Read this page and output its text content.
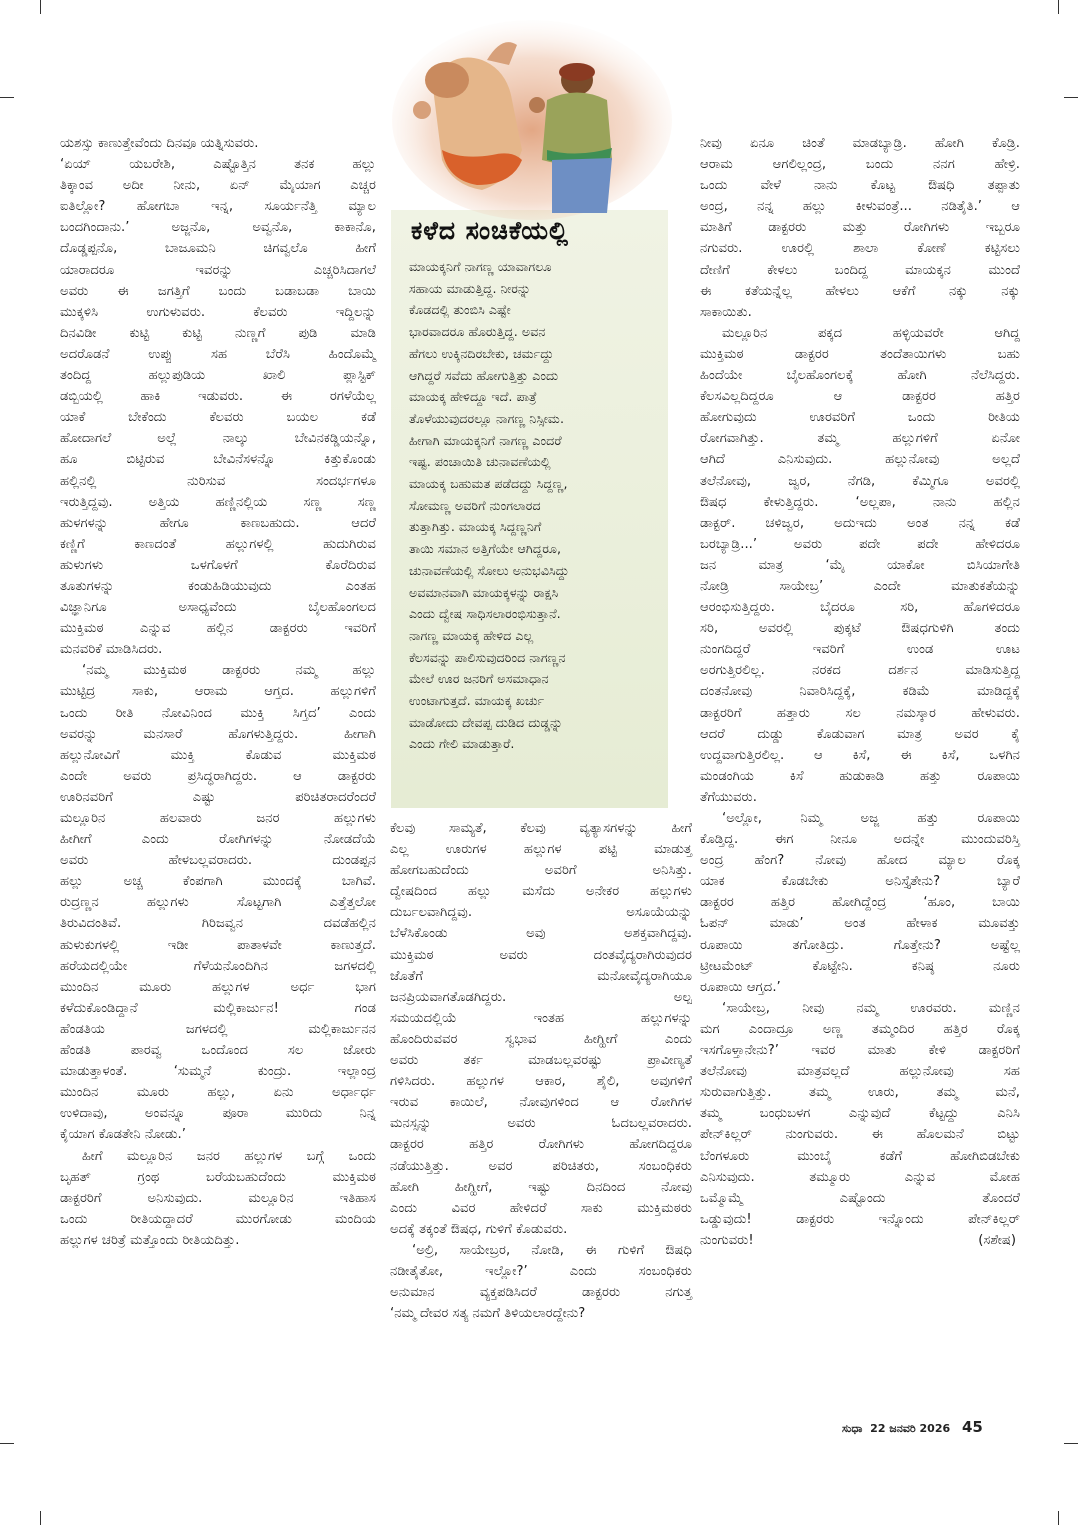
ಯಶಸ್ಸು ಕಾಣುತ್ತೇವೆಂದು ದಿನವೂ ಯತ್ನಿಸುವರು.
‘ಏಯ್ ಯಬರೇಶಿ, ಎಷ್ಟೊತ್ತಿನ ತನಕ ಹಲ್ಲು
ತಿಕ್ಕಾಂವ ಅದೀ ನೀನು, ಏನ್ ಮೈಯಾಗ ಎಚ್ಚರ
ಐತಿಲ್ಲೋ? ಹೋಗಬಾ ಇನ್ನ, ಸೂರ್ಯನೆತ್ತಿ ಮ್ಯಾಲ
ಬಂದಗಿಂದಾನು.’ ಅಜ್ಜನೊ, ಅವ್ವನೊ, ಕಾಕಾನೊ,
ದೊಡ್ಡಪ್ಪನೊ, ಬಾಜೂಮನಿ ಚಿಗವ್ವಲೊ ಹೀಗೆ
ಯಾರಾದರೂ ಇವರನ್ನು ಎಚ್ಚರಿಸಿದಾಗಲೆ
ಅವರು ಈ ಜಗತ್ತಿಗೆ ಬಂದು ಬಡಾಬಡಾ ಬಾಯಿ
ಮುಕ್ಕಳಿಸಿ ಉಗುಳುವರು. ಕೆಲವರು ಇದ್ದಿಲನ್ನು
ದಿನವಿಡೀ ಕುಟ್ಟಿ ಕುಟ್ಟಿ ನುಣ್ಣಗೆ ಪುಡಿ ಮಾಡಿ
ಅದರೊಡನೆ ಉಪ್ಪು ಸಹ ಬೆರೆಸಿ ಹಿಂದೊಮ್ಮೆ
ತಂದಿದ್ದ ಹಲ್ಲುಪುಡಿಯ ಖಾಲಿ ಪ್ಲಾಸ್ಟಿಕ್
ಡಬ್ಬಿಯಲ್ಲಿ ಹಾಕಿ ಇಡುವರು. ಈ ರಗಳೆಯೆಲ್ಲ
ಯಾಕೆ ಬೇಕೆಂದು ಕೆಲವರು ಬಯಲ ಕಡೆ
ಹೋದಾಗಲೆ ಅಲ್ಲೆ ನಾಲ್ಕು ಬೇವಿನಕಡ್ಡಿಯನ್ನೊ,
ಹೂ ಬಿಟ್ಟಿರುವ ಬೇವಿನೆಸಳನ್ನೊ ಕಿತ್ತುಕೊಂಡು
ಹಲ್ಲಿನಲ್ಲಿ ನುರಿಸುವ ಸಂದರ್ಭಗಳೂ
ಇರುತ್ತಿದ್ದವು. ಅತ್ತಿಯ ಹಣ್ಣಿನಲ್ಲಿಯ ಸಣ್ಣ ಸಣ್ಣ
ಹುಳಗಳನ್ನು ಹೇಗೂ ಕಾಣಬಹುದು. ಆದರೆ
ಕಣ್ಣಿಗೆ ಕಾಣದಂತೆ ಹಲ್ಲುಗಳಲ್ಲಿ ಹುದುಗಿರುವ
ಹುಳುಗಳು ಒಳಗೊಳಗೆ ಕೊರೆದಿರುವ
ತೂತುಗಳನ್ನು ಕಂಡುಹಿಡಿಯುವುದು ಎಂತಹ
ವಿಜ್ಞಾನಿಗೂ ಅಸಾಧ್ಯವೆಂದು ಬೈಲಹೊಂಗಲದ
ಮುಕ್ತಿಮಠ ಎನ್ನುವ ಹಲ್ಲಿನ ಡಾಕ್ಟರರು ಇವರಿಗೆ
ಮನವರಿಕೆ ಮಾಡಿಸಿದರು.
‘ನಮ್ಮ ಮುಕ್ತಿಮಠ ಡಾಕ್ಟರರು ನಮ್ಮ ಹಲ್ಲು
ಮುಟ್ಟಿದ್ರ ಸಾಕು, ಆರಾಮ ಆಗ್ತದ. ಹಲ್ಲುಗಳಿಗೆ
ಒಂದು ರೀತಿ ನೋವಿನಿಂದ ಮುಕ್ತಿ ಸಿಗ್ತದ’ ಎಂದು
ಅವರನ್ನು ಮನಸಾರೆ ಹೊಗಳುತ್ತಿದ್ದರು. ಹೀಗಾಗಿ
ಹಲ್ಲುನೋವಿಗೆ ಮುಕ್ತಿ ಕೊಡುವ ಮುಕ್ತಿಮಠ
ಎಂದೇ ಅವರು ಪ್ರಸಿದ್ಧರಾಗಿದ್ದರು. ಆ ಡಾಕ್ಟರರು
ಊರಿನವರಿಗೆ ಎಷ್ಟು ಪರಿಚಿತರಾದರೆಂದರೆ
ಮಲ್ಲೂರಿನ ಹಲವಾರು ಜನರ ಹಲ್ಲುಗಳು
ಹೀಗೀಗೆ ಎಂದು ರೋಗಿಗಳನ್ನು ನೋಡದೆಯೆ
ಅವರು ಹೇಳಬಲ್ಲವರಾದರು. ದುಂಡಪ್ಪನ
ಹಲ್ಲು ಅಚ್ಚ ಕೆಂಪಗಾಗಿ ಮುಂದಕ್ಕೆ ಬಾಗಿವೆ.
ರುದ್ರಣ್ಣನ ಹಲ್ಲುಗಳು ಸೊಟ್ಟಗಾಗಿ ಎತ್ತೆತ್ತಲೋ
ತಿರುವಿದಂತಿವೆ. ಗಿರಿಜವ್ವನ ದವಡೆಹಲ್ಲಿನ
ಹುಳುಕುಗಳಲ್ಲಿ ಇಡೀ ಪಾತಾಳವೇ ಕಾಣುತ್ತದೆ.
ಹರೆಯದಲ್ಲಿಯೇ ಗೆಳೆಯನೊಂದಿಗಿನ ಜಗಳದಲ್ಲಿ
ಮುಂದಿನ ಮೂರು ಹಲ್ಲುಗಳ ಅರ್ಧ ಭಾಗ
ಕಳೆದುಕೊಂಡಿದ್ದಾನೆ ಮಲ್ಲಿಕಾರ್ಜುನ! ಗಂಡ
ಹೆಂಡತಿಯ ಜಗಳದಲ್ಲಿ ಮಲ್ಲಿಕಾರ್ಜುನನ
ಹೆಂಡತಿ ಪಾರವ್ವ ಒಂದೊಂದ ಸಲ ಜೋರು
ಮಾಡುತ್ತಾಳಂತೆ. ‘ಸುಮ್ಮನೆ ಕುಂದ್ರು. ಇಲ್ಲಾಂದ್ರ
ಮುಂದಿನ ಮೂರು ಹಲ್ಲು, ಏನು ಅರ್ಧಾರ್ಧ
ಉಳಿದಾವು, ಅಂವನ್ನೂ ಪೂರಾ ಮುರಿದು ನಿನ್ನ
ಕೈಯಾಗ ಕೊಡತೇನಿ ನೋಡು.’
ಹೀಗೆ ಮಲ್ಲೂರಿನ ಜನರ ಹಲ್ಲುಗಳ ಬಗ್ಗೆ ಒಂದು
ಬೃಹತ್ ಗ್ರಂಥ ಬರೆಯಬಹುದೆಂದು ಮುಕ್ತಿಮಠ
ಡಾಕ್ಟರರಿಗೆ ಅನಿಸುವುದು. ಮಲ್ಲೂರಿನ ಇತಿಹಾಸ
ಒಂದು ರೀತಿಯದ್ದಾದರೆ ಮುರಗೋಡು ಮಂದಿಯ
ಹಲ್ಲುಗಳ ಚರಿತ್ರೆ ಮತ್ತೊಂದು ರೀತಿಯದಿತ್ತು.
ಕಳೆದ ಸಂಚಿಕೆಯಲ್ಲಿ
ಮಾಯಕ್ಕನಿಗೆ ನಾಗಣ್ಣ ಯಾವಾಗಲೂ
ಸಹಾಯ ಮಾಡುತ್ತಿದ್ದ. ನೀರನ್ನು
ಕೊಡದಲ್ಲಿ ತುಂಬಿಸಿ ಎಷ್ಟೇ
ಭಾರವಾದರೂ ಹೊರುತ್ತಿದ್ದ. ಅವನ
ಹೆಗಲು ಉಕ್ಕಿನದಿರಬೇಕು, ಚರ್ಮದ್ದು
ಆಗಿದ್ದರೆ ಸವೆದು ಹೋಗುತ್ತಿತ್ತು ಎಂದು
ಮಾಯಕ್ಕ ಹೇಳಿದ್ದೂ ಇದೆ. ಪಾತ್ರೆ
ತೊಳೆಯುವುದರಲ್ಲೂ ನಾಗಣ್ಣ ನಿಸ್ಸೀಮ.
ಹೀಗಾಗಿ ಮಾಯಕ್ಕನಿಗೆ ನಾಗಣ್ಣ ಎಂದರೆ
ಇಷ್ಟ. ಪಂಚಾಯಿತಿ ಚುನಾವಣೆಯಲ್ಲಿ
ಮಾಯಕ್ಕ ಬಹುಮತ ಪಡೆದದ್ದು ಸಿದ್ದಣ್ಣ,
ಸೋಮಣ್ಣ ಅವರಿಗೆ ನುಂಗಲಾರದ
ತುತ್ತಾಗಿತ್ತು. ಮಾಯಕ್ಕ ಸಿದ್ದಣ್ಣನಿಗೆ
ತಾಯಿ ಸಮಾನ ಅತ್ತಿಗೆಯೇ ಆಗಿದ್ದರೂ,
ಚುನಾವಣೆಯಲ್ಲಿ ಸೋಲು ಅನುಭವಿಸಿದ್ದು
ಅವಮಾನವಾಗಿ ಮಾಯಕ್ಕಳನ್ನು ರಾಕ್ಷಸಿ
ಎಂದು ದ್ವೇಷ ಸಾಧಿಸಲಾರಂಭಿಸುತ್ತಾನೆ.
ನಾಗಣ್ಣ ಮಾಯಕ್ಕ ಹೇಳಿದ ಎಲ್ಲ
ಕೆಲಸವನ್ನು ಪಾಲಿಸುವುದರಿಂದ ನಾಗಣ್ಣನ
ಮೇಲೆ ಊರ ಜನರಿಗೆ ಅಸಮಾಧಾನ
ಉಂಟಾಗುತ್ತದೆ. ಮಾಯಕ್ಕ ಖರ್ಚು
ಮಾಡೋದು ದೇವಪ್ಪ ದುಡಿದ ದುಡ್ಡನ್ನು
ಎಂದು ಗೇಲಿ ಮಾಡುತ್ತಾರೆ.
ಕೆಲವು ಸಾಮ್ಯತೆ, ಕೆಲವು ವ್ಯತ್ಯಾಸಗಳನ್ನು ಹೀಗೆ
ಎಲ್ಲ ಊರುಗಳ ಹಲ್ಲುಗಳ ಪಟ್ಟಿ ಮಾಡುತ್ತ
ಹೋಗಬಹುದೆಂದು ಅವರಿಗೆ ಅನಿಸಿತ್ತು.
ದ್ವೇಷದಿಂದ ಹಲ್ಲು ಮಸೆದು ಅನೇಕರ ಹಲ್ಲುಗಳು
ದುರ್ಬಲವಾಗಿದ್ದವು. ಅಸೂಯೆಯನ್ನು
ಬೆಳೆಸಿಕೊಂಡು ಅವು ಅಶಕ್ತವಾಗಿದ್ದವು.
ಮುಕ್ತಿಮಠ ಅವರು ದಂತವೈದ್ಯರಾಗಿರುವುದರ
ಜೊತೆಗೆ ಮನೋವೈದ್ಯರಾಗಿಯೂ
ಜನಪ್ರಿಯವಾಗತೊಡಗಿದ್ದರು. ಅಲ್ಪ
ಸಮಯದಲ್ಲಿಯೆ ಇಂತಹ ಹಲ್ಲುಗಳನ್ನು
ಹೊಂದಿರುವವರ ಸ್ವಭಾವ ಹೀಗ್ಹೀಗೆ ಎಂದು
ಅವರು ತರ್ಕ ಮಾಡಬಲ್ಲವರಷ್ಟು ಪ್ರಾವೀಣ್ಯತೆ
ಗಳಿಸಿದರು. ಹಲ್ಲುಗಳ ಆಕಾರ, ಶೈಲಿ, ಅವುಗಳಿಗೆ
ಇರುವ ಕಾಯಿಲೆ, ನೋವುಗಳಿಂದ ಆ ರೋಗಿಗಳ
ಮನಸ್ಸನ್ನು ಅವರು ಓದಬಲ್ಲವರಾದರು.
ಡಾಕ್ಟರರ ಹತ್ತಿರ ರೋಗಿಗಳು ಹೋಗದಿದ್ದರೂ
ನಡೆಯುತ್ತಿತ್ತು. ಅವರ ಪರಿಚಿತರು, ಸಂಬಂಧಿಕರು
ಹೋಗಿ ಹೀಗ್ಹೀಗೆ, ಇಷ್ಟು ದಿನದಿಂದ ನೋವು
ಎಂದು ವಿವರ ಹೇಳಿದರೆ ಸಾಕು ಮುಕ್ತಿಮಠರು
ಅದಕ್ಕೆ ತಕ್ಕಂತೆ ಔಷಧ, ಗುಳಿಗೆ ಕೊಡುವರು.
‘ಅಲ್ರಿ, ಸಾಯೇಬ್ರರ, ನೋಡಿ, ಈ ಗುಳಿಗೆ ಔಷಧಿ
ನಡೀತೈತೋ, ಇಲ್ಲೋ?’ ಎಂದು ಸಂಬಂಧಿಕರು
ಅನುಮಾನ ವ್ಯಕ್ತಪಡಿಸಿದರೆ ಡಾಕ್ಟರರು ನಗುತ್ತ
‘ನಮ್ಮ ದೇವರ ಸತ್ಯ ನಮಗೆ ತಿಳಿಯಲಾರದ್ದೇನು?
ನೀವು ಏನೂ ಚಿಂತೆ ಮಾಡಬ್ಯಾಡ್ರಿ. ಹೋಗಿ ಕೊಡ್ರಿ.
ಆರಾಮ ಆಗಲಿಲ್ಲಂದ್ರ, ಬಂದು ನನಗ ಹೇಳ್ರಿ.
ಒಂದು ವೇಳೆ ನಾನು ಕೊಟ್ಟ ಔಷಧಿ ತಪ್ಪಾತು
ಅಂದ್ರ, ನನ್ನ ಹಲ್ಲು ಕೀಳುವಂತ್ರೆ... ನಡಿತೈತಿ.’ ಆ
ಮಾತಿಗೆ ಡಾಕ್ಟರರು ಮತ್ತು ರೋಗಿಗಳು ಇಬ್ಬರೂ
ನಗುವರು. ಊರಲ್ಲಿ ಶಾಲಾ ಕೋಣೆ ಕಟ್ಟಿಸಲು
ದೇಣಿಗೆ ಕೇಳಲು ಬಂದಿದ್ದ ಮಾಯಕ್ಕನ ಮುಂದೆ
ಈ ಕತೆಯನ್ನೆಲ್ಲ ಹೇಳಲು ಆಕೆಗೆ ನಕ್ಕು ನಕ್ಕು
ಸಾಕಾಯಿತು.
ಮಲ್ಲೂರಿನ ಪಕ್ಕದ ಹಳ್ಳಿಯವರೇ ಆಗಿದ್ದ
ಮುಕ್ತಿಮಠ ಡಾಕ್ಟರರ ತಂದೆತಾಯಿಗಳು ಬಹು
ಹಿಂದೆಯೇ ಬೈಲಹೊಂಗಲಕ್ಕೆ ಹೋಗಿ ನೆಲೆಸಿದ್ದರು.
ಕೆಲಸವಿಲ್ಲದಿದ್ದರೂ ಆ ಡಾಕ್ಟರರ ಹತ್ತಿರ
ಹೋಗುವುದು ಊರವರಿಗೆ ಒಂದು ರೀತಿಯ
ರೋಗವಾಗಿತ್ತು. ತಮ್ಮ ಹಲ್ಲುಗಳಿಗೆ ಏನೋ
ಆಗಿದೆ ಎನಿಸುವುದು. ಹಲ್ಲುನೋವು ಅಲ್ಲದೆ
ತಲೆನೋವು, ಜ್ವರ, ನೆಗಡಿ, ಕೆಮ್ಮಿಗೂ ಅವರಲ್ಲಿ
ಔಷಧ ಕೇಳುತ್ತಿದ್ದರು. ‘ಅಲ್ಲಪಾ, ನಾನು ಹಲ್ಲಿನ
ಡಾಕ್ಟರ್. ಚಳಿಜ್ವರ, ಅದುಇದು ಅಂತ ನನ್ನ ಕಡೆ
ಬರಬ್ಯಾಡ್ರಿ...’ ಅವರು ಪದೇ ಪದೇ ಹೇಳಿದರೂ
ಜನ ಮಾತ್ರ ‘ಮೈ ಯಾಕೋ ಬಿಸಿಯಾಗೇತಿ
ನೋಡ್ರಿ ಸಾಯೇಬ್ರ’ ಎಂದೇ ಮಾತುಕತೆಯನ್ನು
ಆರಂಭಿಸುತ್ತಿದ್ದರು. ಬೈದರೂ ಸರಿ, ಹೊಗಳಿದರೂ
ಸರಿ, ಅವರಲ್ಲಿ ಪುಕ್ಕಟೆ ಔಷಧಗುಳಿಗಿ ತಂದು
ನುಂಗದಿದ್ದರೆ ಇವರಿಗೆ ಉಂಡ ಊಟ
ಅರಗುತ್ತಿರಲಿಲ್ಲ. ನರಕದ ದರ್ಶನ ಮಾಡಿಸುತ್ತಿದ್ದ
ದಂತನೋವು ನಿವಾರಿಸಿದ್ದಕ್ಕೆ, ಕಡಿಮೆ ಮಾಡಿದ್ದಕ್ಕೆ
ಡಾಕ್ಟರರಿಗೆ ಹತ್ತಾರು ಸಲ ನಮಸ್ಕಾರ ಹೇಳುವರು.
ಆದರೆ ದುಡ್ಡು ಕೊಡುವಾಗ ಮಾತ್ರ ಅವರ ಕೈ
ಉದ್ದವಾಗುತ್ತಿರಲಿಲ್ಲ. ಆ ಕಿಸೆ, ಈ ಕಿಸೆ, ಒಳಗಿನ
ಮಂಡಂಗಿಯ ಕಿಸೆ ಹುಡುಕಾಡಿ ಹತ್ತು ರೂಪಾಯಿ
ತೆಗೆಯುವರು.
‘ಅಲ್ಲೋ, ನಿಮ್ಮ ಅಜ್ಜ ಹತ್ತು ರೂಪಾಯಿ
ಕೊಡ್ತಿದ್ದ. ಈಗ ನೀನೂ ಅದನ್ನೇ ಮುಂದುವರಿಸ್ತಿ
ಅಂದ್ರ ಹೆಂಗ? ನೋವು ಹೋದ ಮ್ಯಾಲ ರೊಕ್ಕ
ಯಾಕ ಕೊಡಬೇಕು ಅನಿಸ್ತೈತೇನು? ಬ್ಯಾರೆ
ಡಾಕ್ಟರರ ಹತ್ತಿರ ಹೋಗಿದ್ದೆಂದ್ರ ‘ಹೂಂ, ಬಾಯಿ
ಓಪನ್ ಮಾಡು’ ಅಂತ ಹೇಳಾಕ ಮೂವತ್ತು
ರೂಪಾಯಿ ತಗೋತಿದ್ರು. ಗೊತ್ತೇನು? ಅಷ್ಟೆಲ್ಲ
ಟ್ರೀಟಮೆಂಟ್ ಕೊಟ್ಟೇನಿ. ಕನಿಷ್ಠ ನೂರು
ರೂಪಾಯಿ ಆಗ್ತದ.’
‘ಸಾಯೇಬ್ರ, ನೀವು ನಮ್ಮ ಊರವರು. ಮಣ್ಣಿನ
ಮಗ ಎಂದಾದ್ರೂ ಅಣ್ಣ ತಮ್ಮಂದಿರ ಹತ್ತಿರ ರೊಕ್ಕ
ಇಸಗೊಳ್ತಾನೇನು?’ ಇವರ ಮಾತು ಕೇಳಿ ಡಾಕ್ಟರರಿಗೆ
ತಲೆನೋವು ಮಾತ್ರವಲ್ಲದೆ ಹಲ್ಲುನೋವು ಸಹ
ಸುರುವಾಗುತ್ತಿತ್ತು. ತಮ್ಮ ಊರು, ತಮ್ಮ ಮನೆ,
ತಮ್ಮ ಬಂಧುಬಳಗ ಎನ್ನುವುದೆ ಕೆಟ್ಟದ್ದು ಎನಿಸಿ
ಪೇನ್‌ಕಿಲ್ಲರ್ ನುಂಗುವರು. ಈ ಹೊಲಮನೆ ಬಿಟ್ಟು
ಬೆಂಗಳೂರು ಮುಂಬೈ ಕಡೆಗೆ ಹೋಗಿಬಿಡಬೇಕು
ಎನಿಸುವುದು. ತಮ್ಮೂರು ಎನ್ನುವ ಮೋಹ
ಒಮ್ಮೊಮ್ಮೆ ಎಷ್ಟೊಂದು ತೊಂದರೆ
ಒಡ್ಡುವುದು! ಡಾಕ್ಟರರು ಇನ್ನೊಂದು ಪೇನ್‌ಕಿಲ್ಲರ್
ನುಂಗುವರು!	(ಸಶೇಷ)
ಸುಧಾ 22 ಜನವರಿ 2026 45
